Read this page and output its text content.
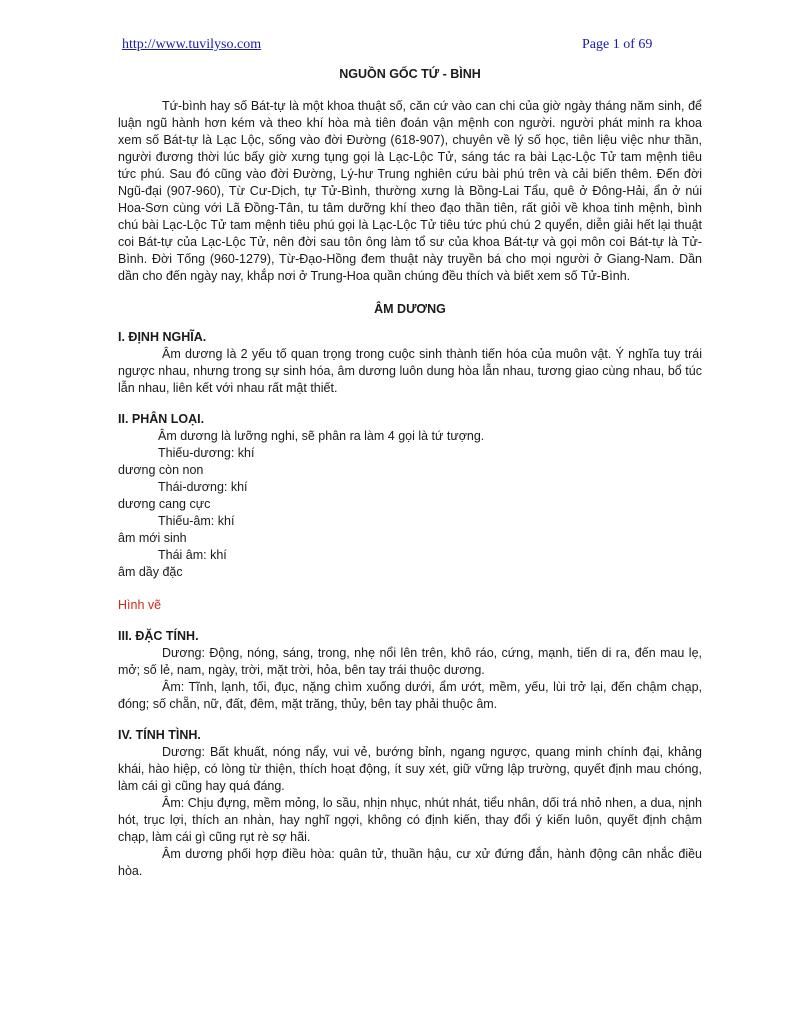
http://www.tuvilyso.com	Page 1 of 69
NGUỒN GỐC TỨ - BÌNH

Tứ-bình hay số Bát-tự là một khoa thuật số, căn cứ vào can chi của giờ ngày tháng năm sinh, để luận ngũ hành hơn kém và theo khí hòa mà tiên đoán vận mệnh con người. người phát minh ra khoa xem số Bát-tự là Lạc Lộc, sống vào đời Đường (618-907), chuyên về lý số học, tiên liệu việc như thần, người đương thời lúc bấy giờ xưng tụng gọi là Lạc-Lộc Tử, sáng tác ra bài Lạc-Lộc Tử tam mệnh tiêu tức phú. Sau đó cũng vào đời Đường, Lý-hư Trung nghiên cứu bài phú trên và cải biến thêm. Đến đời Ngũ-đại (907-960), Từ Cư-Dịch, tự Tử-Bình, thường xưng là Bồng-Lai Tẩu, quê ở Đông-Hải, ẩn ở núi Hoa-Sơn cùng với Lã Đồng-Tân, tu tâm dưỡng khí theo đạo thần tiên, rất giỏi về khoa tinh mệnh, bình chú bài Lạc-Lộc Tử tam mệnh tiêu phú gọi là Lạc-Lộc Tử tiêu tức phú chú 2 quyển, diễn giải hết lại thuật coi Bát-tự của Lạc-Lộc Tử, nên đời sau tôn ông làm tổ sư của khoa Bát-tự và gọi môn coi Bát-tự là Tử-Bình. Đời Tống (960-1279), Từ-Đạo-Hồng đem thuật này truyền bá cho mọi người ở Giang-Nam. Dần dần cho đến ngày nay, khắp nơi ở Trung-Hoa quần chúng đều thích và biết xem số Tử-Bình.

ÂM DƯƠNG
I. ĐỊNH NGHĨA.

Âm dương là 2 yếu tố quan trọng trong cuộc sinh thành tiến hóa của muôn vật. Ý nghĩa tuy trái ngược nhau, nhưng trong sự sinh hóa, âm dương luôn dung hòa lẫn nhau, tương giao cùng nhau, bổ túc lẫn nhau, liên kết với nhau rất mật thiết.

II. PHÂN LOẠI.
Âm dương là lưỡng nghi, sẽ phân ra làm 4 gọi là tứ tượng.
Thiếu-dương: khí
dương còn non
Thái-dương: khí
dương cang cực
Thiếu-âm: khí
âm mới sinh
Thái âm: khí
âm dầy đặc
Hình vẽ
III. ĐẶC TÍNH.

Dương: Động, nóng, sáng, trong, nhẹ nổi lên trên, khô ráo, cứng, mạnh, tiến di ra, đến mau lẹ, mở; số lẻ, nam, ngày, trời, mặt trời, hỏa, bên tay trái thuộc dương.

Âm: Tĩnh, lạnh, tối, đục, nặng chìm xuống dưới, ẩm ướt, mềm, yếu, lùi trở lại, đến chậm chạp, đóng; số chẵn, nữ, đất, đêm, mặt trăng, thủy, bên tay phải thuộc âm.

IV. TÍNH TÌNH.

Dương: Bất khuất, nóng nẩy, vui vẻ, bướng bỉnh, ngang ngược, quang minh chính đại, khảng khái, hào hiệp, có lòng từ thiện, thích hoạt động, ít suy xét, giữ vững lập trường, quyết định mau chóng, làm cái gì cũng hay quá đáng.

Âm: Chịu đựng, mềm mỏng, lo sầu, nhịn nhục, nhút nhát, tiểu nhân, dối trá nhỏ nhen, a dua, nịnh hót, trục lợi, thích an nhàn, hay nghĩ ngợi, không có định kiến, thay đổi ý kiến luôn, quyết định chậm chạp, làm cái gì cũng rụt rè sợ hãi.

Âm dương phối hợp điều hòa: quân tử, thuần hậu, cư xử đứng đắn, hành động cân nhắc điều hòa.
